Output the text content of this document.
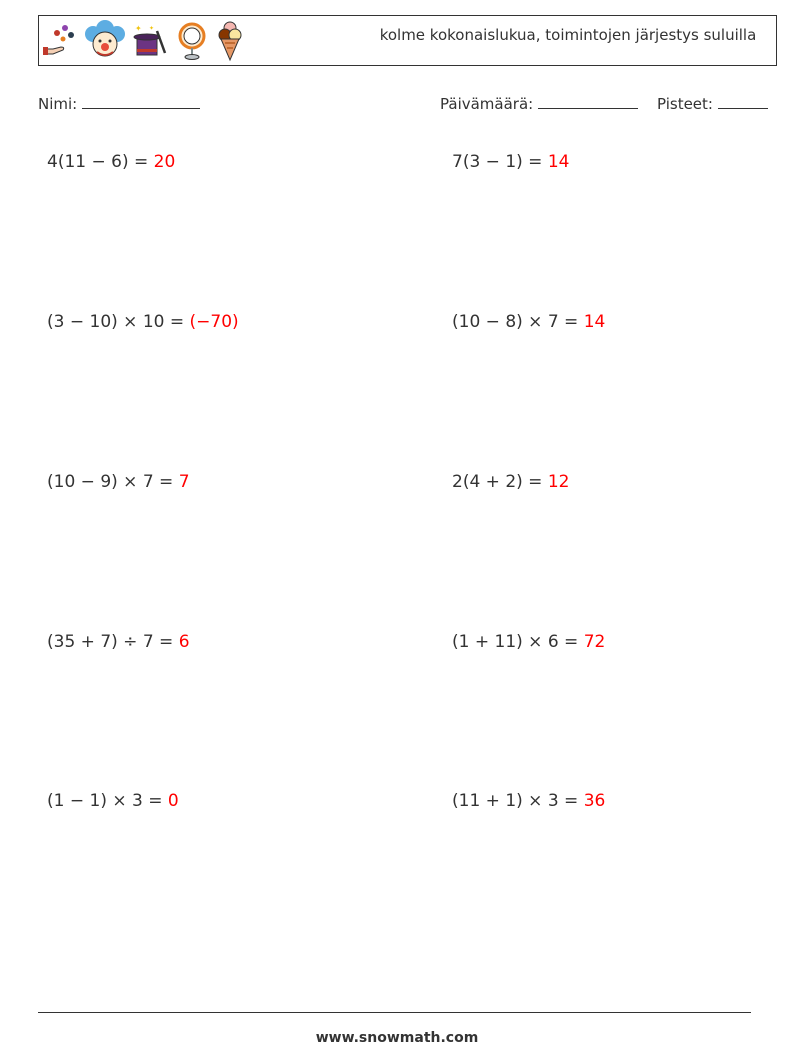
✦ ✦	kolme kokonaislukua, toimintojen järjestys suluilla
Nimi:	Päivämäärä:	Pisteet:
4(11 − 6) = 20	7(3 − 1) = 14
(3 − 10) × 10 = (−70)	(10 − 8) × 7 = 14
(10 − 9) × 7 = 7	2(4 + 2) = 12
(35 + 7) ÷ 7 = 6	(1 + 11) × 6 = 72
(1 − 1) × 3 = 0	(11 + 1) × 3 = 36
www.snowmath.com
